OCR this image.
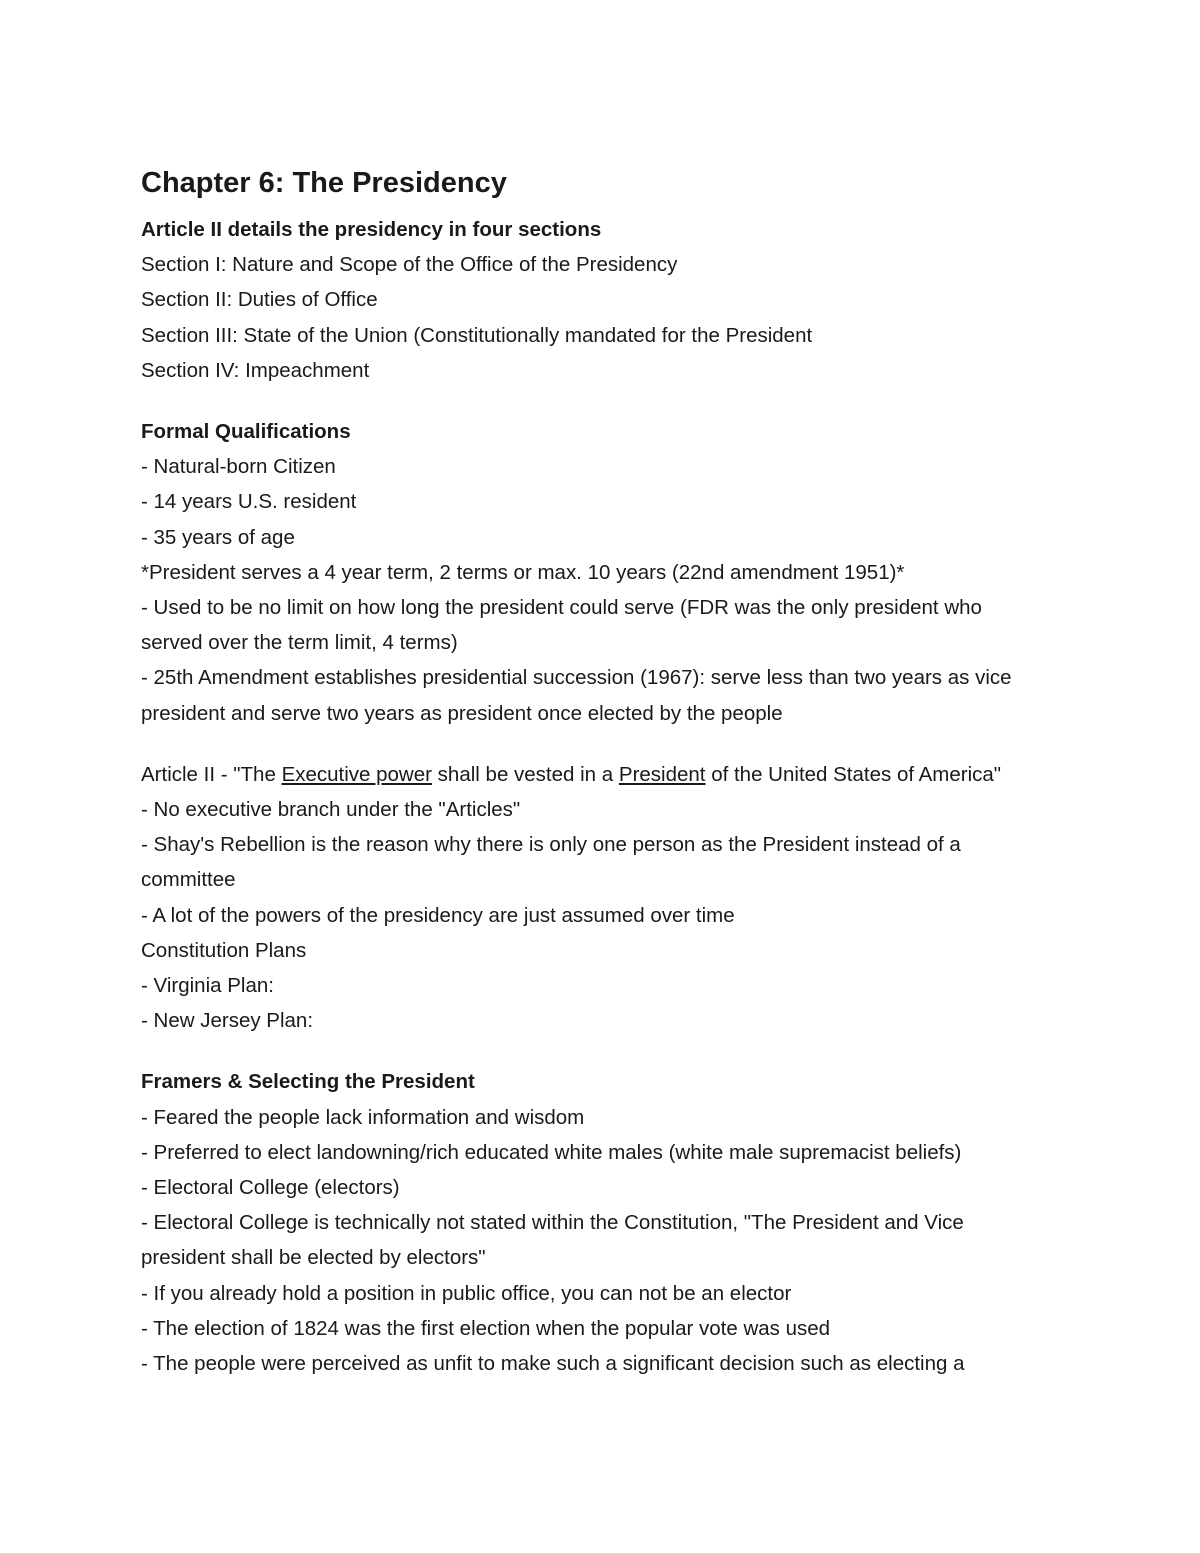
Chapter 6: The Presidency
Article II details the presidency in four sections
Section I: Nature and Scope of the Office of the Presidency
Section II: Duties of Office
Section III: State of the Union (Constitutionally mandated for the President
Section IV: Impeachment
Formal Qualifications
- Natural-born Citizen
- 14 years U.S. resident
- 35 years of age
*President serves a 4 year term, 2 terms or max. 10 years (22nd amendment 1951)*
- Used to be no limit on how long the president could serve (FDR was the only president who
served over the term limit, 4 terms)
- 25th Amendment establishes presidential succession (1967): serve less than two years as vice
president and serve two years as president once elected by the people
Article II - "The Executive power shall be vested in a President of the United States of America"
- No executive branch under the "Articles"
- Shay's Rebellion is the reason why there is only one person as the President instead of a
committee
- A lot of the powers of the presidency are just assumed over time
Constitution Plans
- Virginia Plan:
- New Jersey Plan:
Framers & Selecting the President
- Feared the people lack information and wisdom
- Preferred to elect landowning/rich educated white males (white male supremacist beliefs)
- Electoral College (electors)
- Electoral College is technically not stated within the Constitution, "The President and Vice
president shall be elected by electors"
- If you already hold a position in public office, you can not be an elector
- The election of 1824 was the first election when the popular vote was used
- The people were perceived as unfit to make such a significant decision such as electing a
